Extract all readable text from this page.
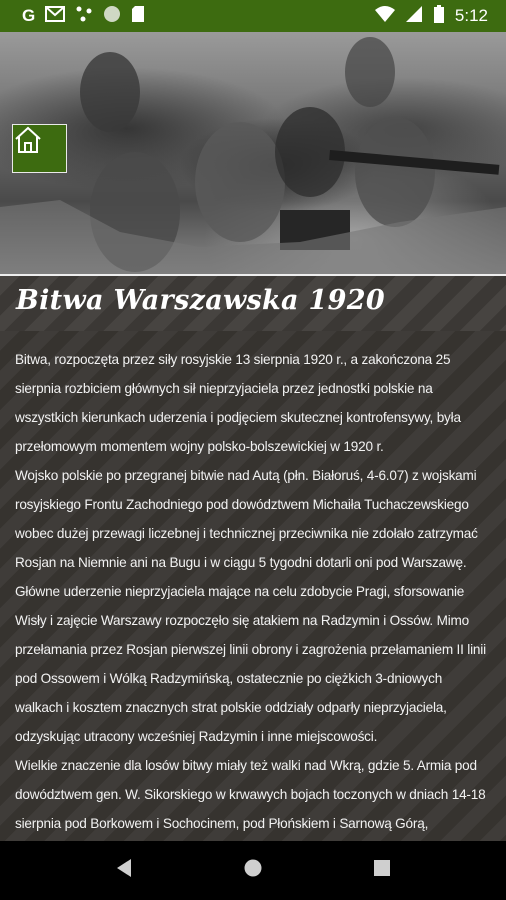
G	5:12
Bitwa Warszawska 1920

Bitwa, rozpoczęta przez siły rosyjskie 13 sierpnia 1920 r., a zakończona 25 sierpnia rozbiciem głównych sił nieprzyjaciela przez jednostki polskie na wszystkich kierunkach uderzenia i podjęciem skutecznej kontrofensywy, była przełomowym momentem wojny polsko-bolszewickiej w 1920 r.
Wojsko polskie po przegranej bitwie nad Autą (płn. Białoruś, 4-6.07) z wojskami rosyjskiego Frontu Zachodniego pod dowództwem Michaiła Tuchaczewskiego wobec dużej przewagi liczebnej i technicznej przeciwnika nie zdołało zatrzymać Rosjan na Niemnie ani na Bugu i w ciągu 5 tygodni dotarli oni pod Warszawę.
Główne uderzenie nieprzyjaciela mające na celu zdobycie Pragi, sforsowanie Wisły i zajęcie Warszawy rozpoczęło się atakiem na Radzymin i Ossów. Mimo przełamania przez Rosjan pierwszej linii obrony i zagrożenia przełamaniem II linii pod Ossowem i Wólką Radzymińską, ostatecznie po ciężkich 3-dniowych walkach i kosztem znacznych strat polskie oddziały odparły nieprzyjaciela, odzyskując utracony wcześniej Radzymin i inne miejscowości.
Wielkie znaczenie dla losów bitwy miały też walki nad Wkrą, gdzie 5. Armia pod dowództwem gen. W. Sikorskiego w krwawych bojach toczonych w dniach 14-18 sierpnia pod Borkowem i Sochocinem, pod Płońskiem i Sarnową Górą,
